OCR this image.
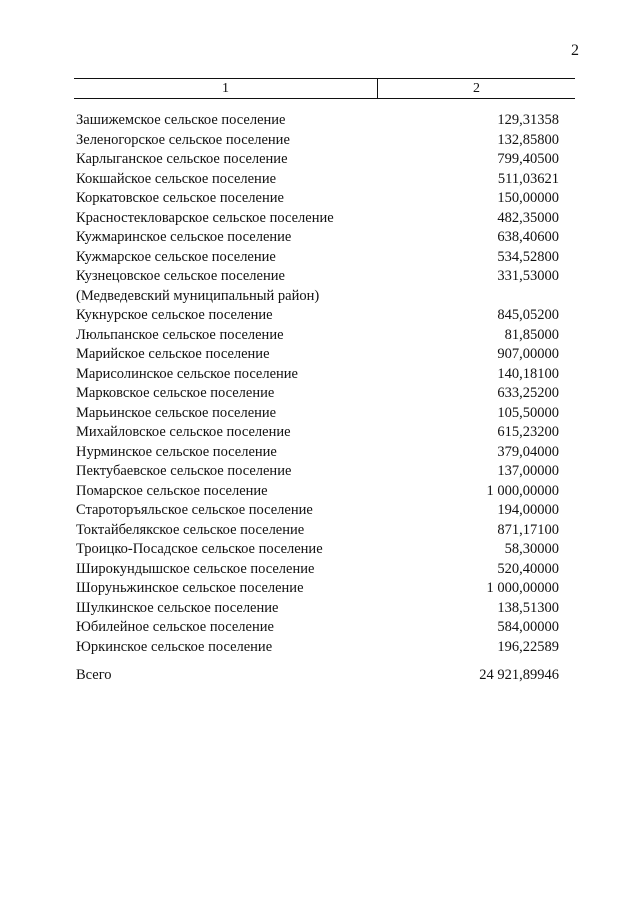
2
1	2
Зашижемское сельское поселение	129,31358
Зеленогорское сельское поселение	132,85800
Карлыганское сельское поселение	799,40500
Кокшайское сельское поселение	511,03621
Коркатовское сельское поселение	150,00000
Красностекловарское сельское поселение	482,35000
Кужмаринское сельское поселение	638,40600
Кужмарское сельское поселение	534,52800
Кузнецовское сельское поселение	331,53000
(Медведевский муниципальный район)
Кукнурское сельское поселение	845,05200
Люльпанское сельское поселение	81,85000
Марийское сельское поселение	907,00000
Марисолинское сельское поселение	140,18100
Марковское сельское поселение	633,25200
Марьинское сельское поселение	105,50000
Михайловское сельское поселение	615,23200
Нурминское сельское поселение	379,04000
Пектубаевское сельское поселение	137,00000
Помарское сельское поселение	1 000,00000
Староторъяльское сельское поселение	194,00000
Токтайбелякское сельское поселение	871,17100
Троицко-Посадское сельское поселение	58,30000
Широкундышское сельское поселение	520,40000
Шоруньжинское сельское поселение	1 000,00000
Шулкинское сельское поселение	138,51300
Юбилейное сельское поселение	584,00000
Юркинское сельское поселение	196,22589
Всего	24 921,89946
